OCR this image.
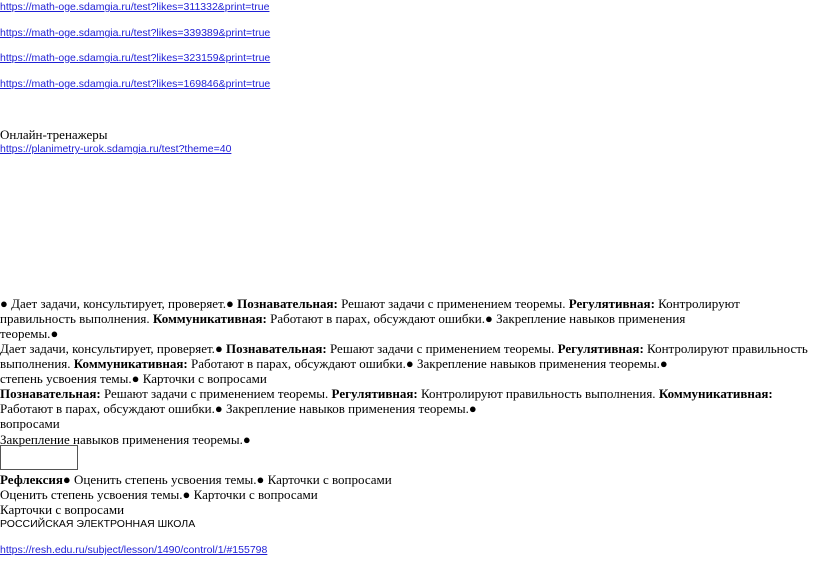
https://math-oge.sdamgia.ru/test?likes=311332&print=true
https://math-oge.sdamgia.ru/test?likes=339389&print=true
https://math-oge.sdamgia.ru/test?likes=323159&print=true
https://math-oge.sdamgia.ru/test?likes=169846&print=true
Онлайн-тренажеры
https://planimetry-urok.sdamgia.ru/test?theme=40
● Дает задачи, консультирует, проверяет.● Познавательная: Решают задачи с применением теоремы. Регулятивная: Контролируют правильность выполнения. Коммуникативная: Работают в парах, обсуждают ошибки.● Закрепление навыков применения
теоремы.●
Дает задачи, консультирует, проверяет.● Познавательная: Решают задачи с применением теоремы. Регулятивная: Контролируют правильность выполнения. Коммуникативная: Работают в парах, обсуждают ошибки.● Закрепление навыков применения теоремы.●
степень усвоения темы.● Карточки с вопросами
Познавательная: Решают задачи с применением теоремы. Регулятивная: Контролируют правильность выполнения. Коммуникативная:
Работают в парах, обсуждают ошибки.● Закрепление навыков применения теоремы.●
вопросами
Закрепление навыков применения теоремы.●
Рефлексия● Оценить степень усвоения темы.● Карточки с вопросами
Оценить степень усвоения темы.● Карточки с вопросами
Карточки с вопросами
РОССИЙСКАЯ ЭЛЕКТРОННАЯ ШКОЛА
https://resh.edu.ru/subject/lesson/1490/control/1/#155798
